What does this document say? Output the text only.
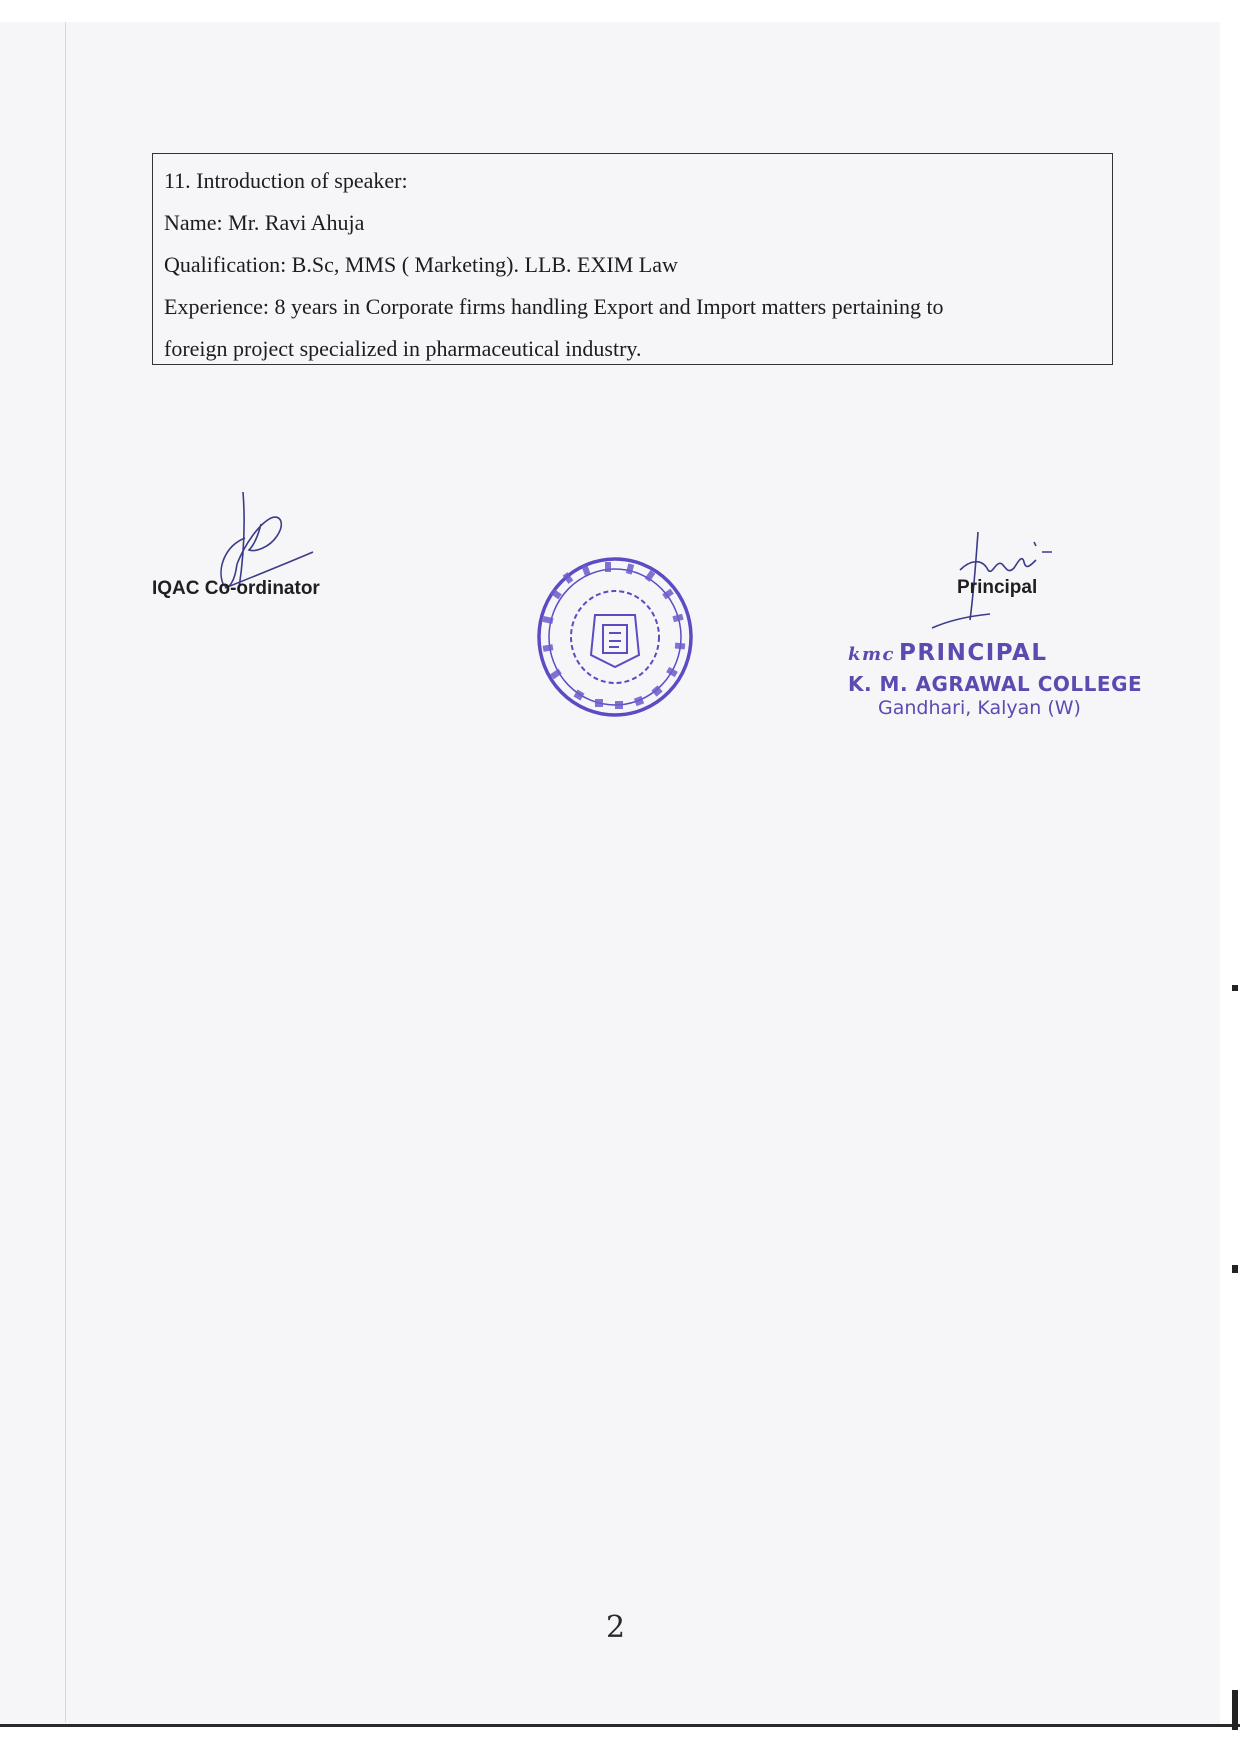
11. Introduction of speaker:
Name: Mr. Ravi Ahuja
Qualification: B.Sc, MMS ( Marketing). LLB. EXIM Law
Experience: 8 years in Corporate firms handling Export and Import matters pertaining to
foreign project specialized in pharmaceutical industry.
IQAC Co-ordinator	Principal
kmc PRINCIPAL
K. M. AGRAWAL COLLEGE
Gandhari, Kalyan (W)
2
